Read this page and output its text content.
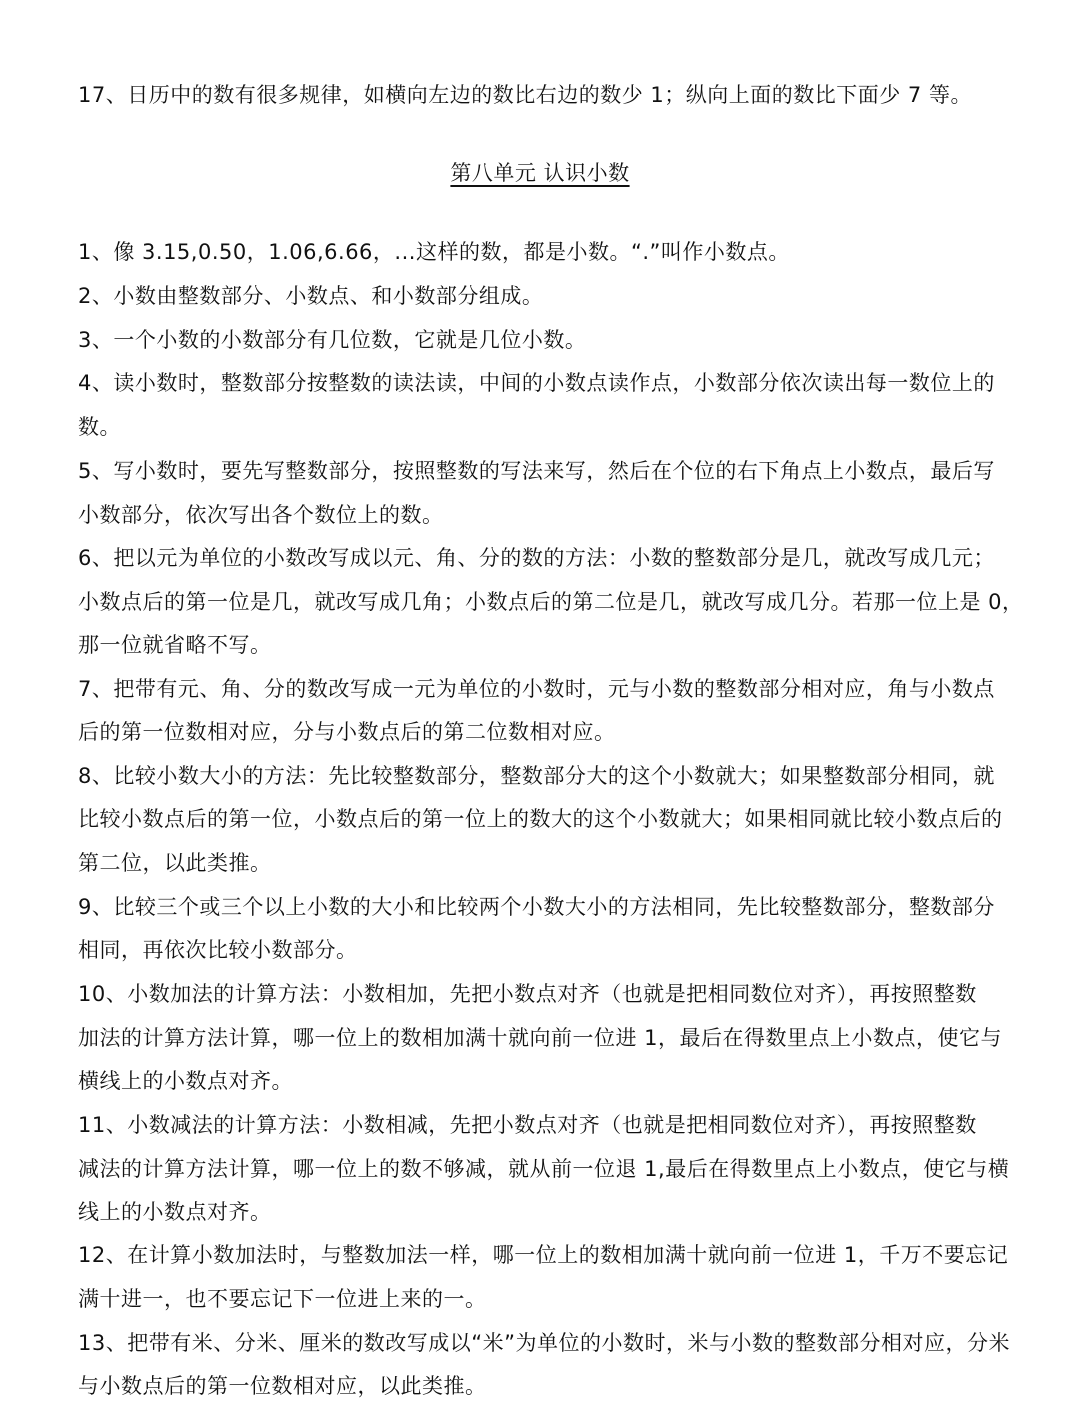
17、日历中的数有很多规律，如横向左边的数比右边的数少 1；纵向上面的数比下面少 7 等。
第八单元 认识小数
1、像 3.15,0.50，1.06,6.66，...这样的数，都是小数。“.”叫作小数点。
2、小数由整数部分、小数点、和小数部分组成。
3、一个小数的小数部分有几位数，它就是几位小数。
4、读小数时，整数部分按整数的读法读，中间的小数点读作点，小数部分依次读出每一数位上的
数。
5、写小数时，要先写整数部分，按照整数的写法来写，然后在个位的右下角点上小数点，最后写
小数部分，依次写出各个数位上的数。
6、把以元为单位的小数改写成以元、角、分的数的方法：小数的整数部分是几，就改写成几元；
小数点后的第一位是几，就改写成几角；小数点后的第二位是几，就改写成几分。若那一位上是 0，
那一位就省略不写。
7、把带有元、角、分的数改写成一元为单位的小数时，元与小数的整数部分相对应，角与小数点
后的第一位数相对应，分与小数点后的第二位数相对应。
8、比较小数大小的方法：先比较整数部分，整数部分大的这个小数就大；如果整数部分相同，就
比较小数点后的第一位，小数点后的第一位上的数大的这个小数就大；如果相同就比较小数点后的
第二位，以此类推。
9、比较三个或三个以上小数的大小和比较两个小数大小的方法相同，先比较整数部分，整数部分
相同，再依次比较小数部分。
10、小数加法的计算方法：小数相加，先把小数点对齐（也就是把相同数位对齐），再按照整数
加法的计算方法计算，哪一位上的数相加满十就向前一位进 1，最后在得数里点上小数点，使它与
横线上的小数点对齐。
11、小数减法的计算方法：小数相减，先把小数点对齐（也就是把相同数位对齐），再按照整数
减法的计算方法计算，哪一位上的数不够减，就从前一位退 1,最后在得数里点上小数点，使它与横
线上的小数点对齐。
12、在计算小数加法时，与整数加法一样，哪一位上的数相加满十就向前一位进 1，千万不要忘记
满十进一，也不要忘记下一位进上来的一。
13、把带有米、分米、厘米的数改写成以“米”为单位的小数时，米与小数的整数部分相对应，分米
与小数点后的第一位数相对应，以此类推。
